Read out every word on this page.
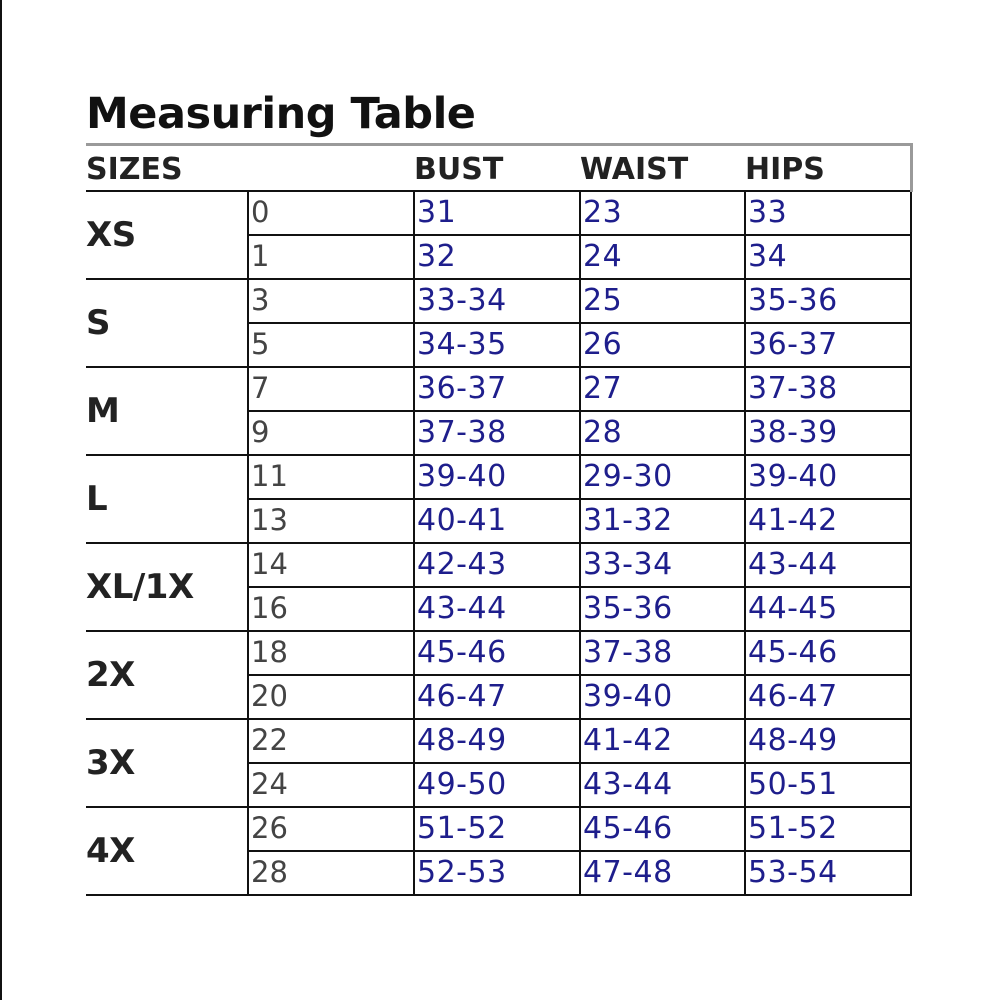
Measuring Table
SIZES		BUST	WAIST	HIPS
XS	0	31	23	33
	1	32	24	34
S	3	33-34	25	35-36
	5	34-35	26	36-37
M	7	36-37	27	37-38
	9	37-38	28	38-39
L	11	39-40	29-30	39-40
	13	40-41	31-32	41-42
XL/1X	14	42-43	33-34	43-44
	16	43-44	35-36	44-45
2X	18	45-46	37-38	45-46
	20	46-47	39-40	46-47
3X	22	48-49	41-42	48-49
	24	49-50	43-44	50-51
4X	26	51-52	45-46	51-52
	28	52-53	47-48	53-54
